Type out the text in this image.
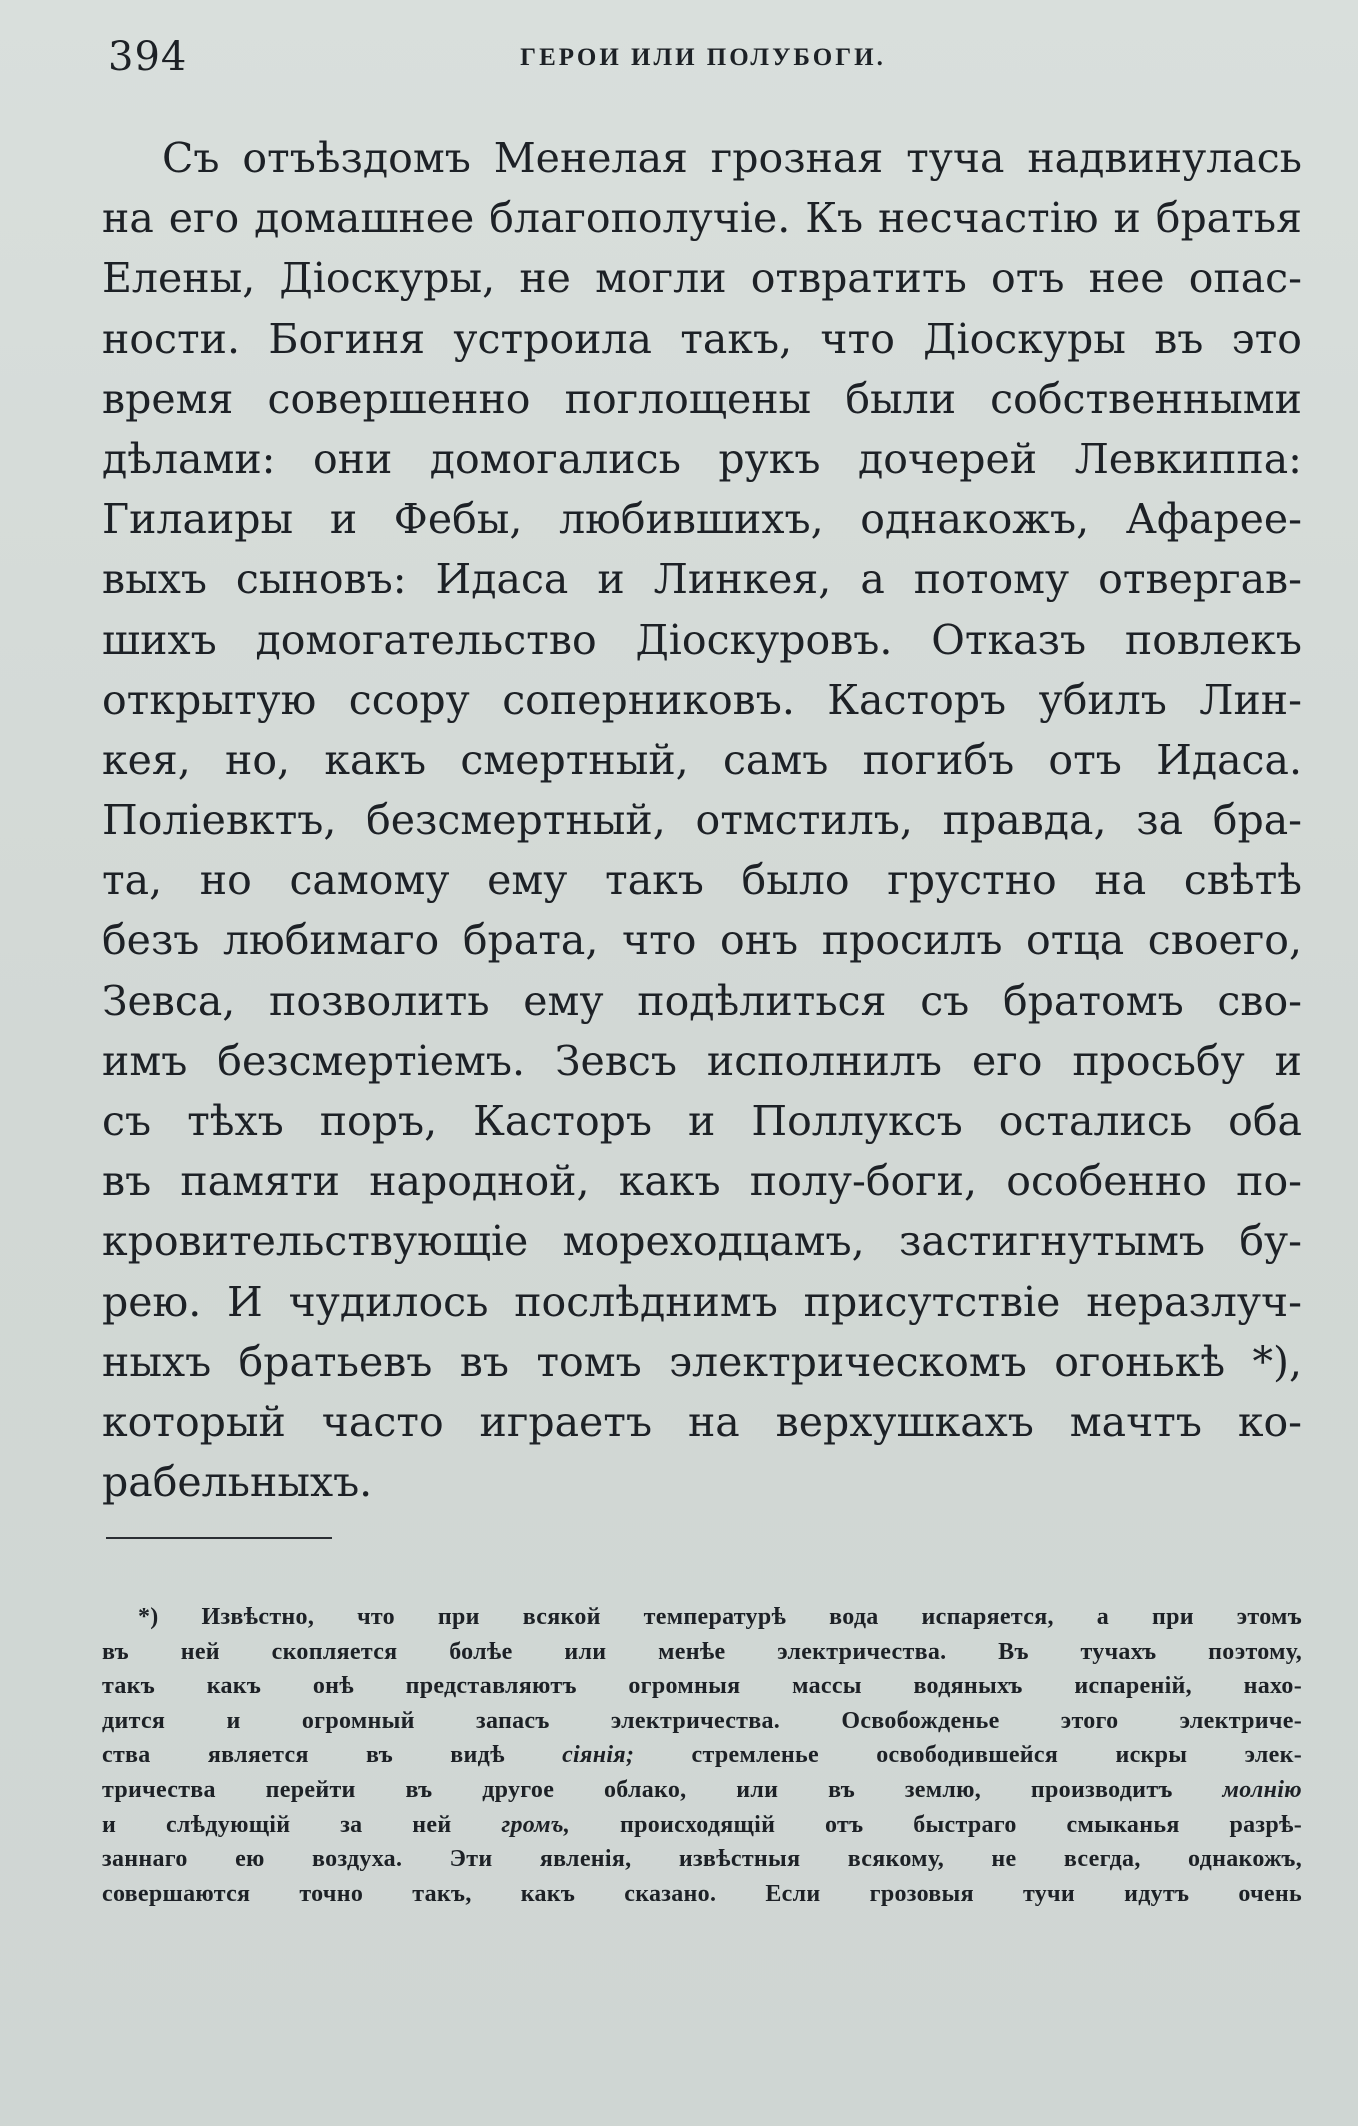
394	ГЕРОИ ИЛИ ПОЛУБОГИ.
Съ отъѣздомъ Менелая грозная туча надвинулась
на его домашнее благополучіе. Къ несчастію и братья
Елены, Діоскуры, не могли отвратить отъ нее опас-
ности. Богиня устроила такъ, что Діоскуры въ это
время совершенно поглощены были собственными
дѣлами: они домогались рукъ дочерей Левкиппа:
Гилаиры и Фебы, любившихъ, однакожъ, Афарее-
выхъ сыновъ: Идаса и Линкея, а потому отвергав-
шихъ домогательство Діоскуровъ. Отказъ повлекъ
открытую ссору соперниковъ. Касторъ убилъ Лин-
кея, но, какъ смертный, самъ погибъ отъ Идаса.
Поліевктъ, безсмертный, отмстилъ, правда, за бра-
та, но самому ему такъ было грустно на свѣтѣ
безъ любимаго брата, что онъ просилъ отца своего,
Зевса, позволить ему подѣлиться съ братомъ сво-
имъ безсмертіемъ. Зевсъ исполнилъ его просьбу и
съ тѣхъ поръ, Касторъ и Поллуксъ остались оба
въ памяти народной, какъ полу-боги, особенно по-
кровительствующіе мореходцамъ, застигнутымъ бу-
рею. И чудилось послѣднимъ присутствіе неразлуч-
ныхъ братьевъ въ томъ электрическомъ огонькѣ *),
который часто играетъ на верхушкахъ мачтъ ко-
рабельныхъ.
*) Извѣстно, что при всякой температурѣ вода испаряется, а при этомъ
въ ней скопляется болѣе или менѣе электричества. Въ тучахъ поэтому,
такъ какъ онѣ представляютъ огромныя массы водяныхъ испареній, нахо-
дится и огромный запасъ электричества. Освобожденье этого электриче-
ства является въ видѣ сіянія; стремленье освободившейся искры элек-
тричества перейти въ другое облако, или въ землю, производитъ молнію
и слѣдующій за ней громъ, происходящій отъ быстраго смыканья разрѣ-
заннаго ею воздуха. Эти явленія, извѣстныя всякому, не всегда, однакожъ,
совершаются точно такъ, какъ сказано. Если грозовыя тучи идутъ очень
